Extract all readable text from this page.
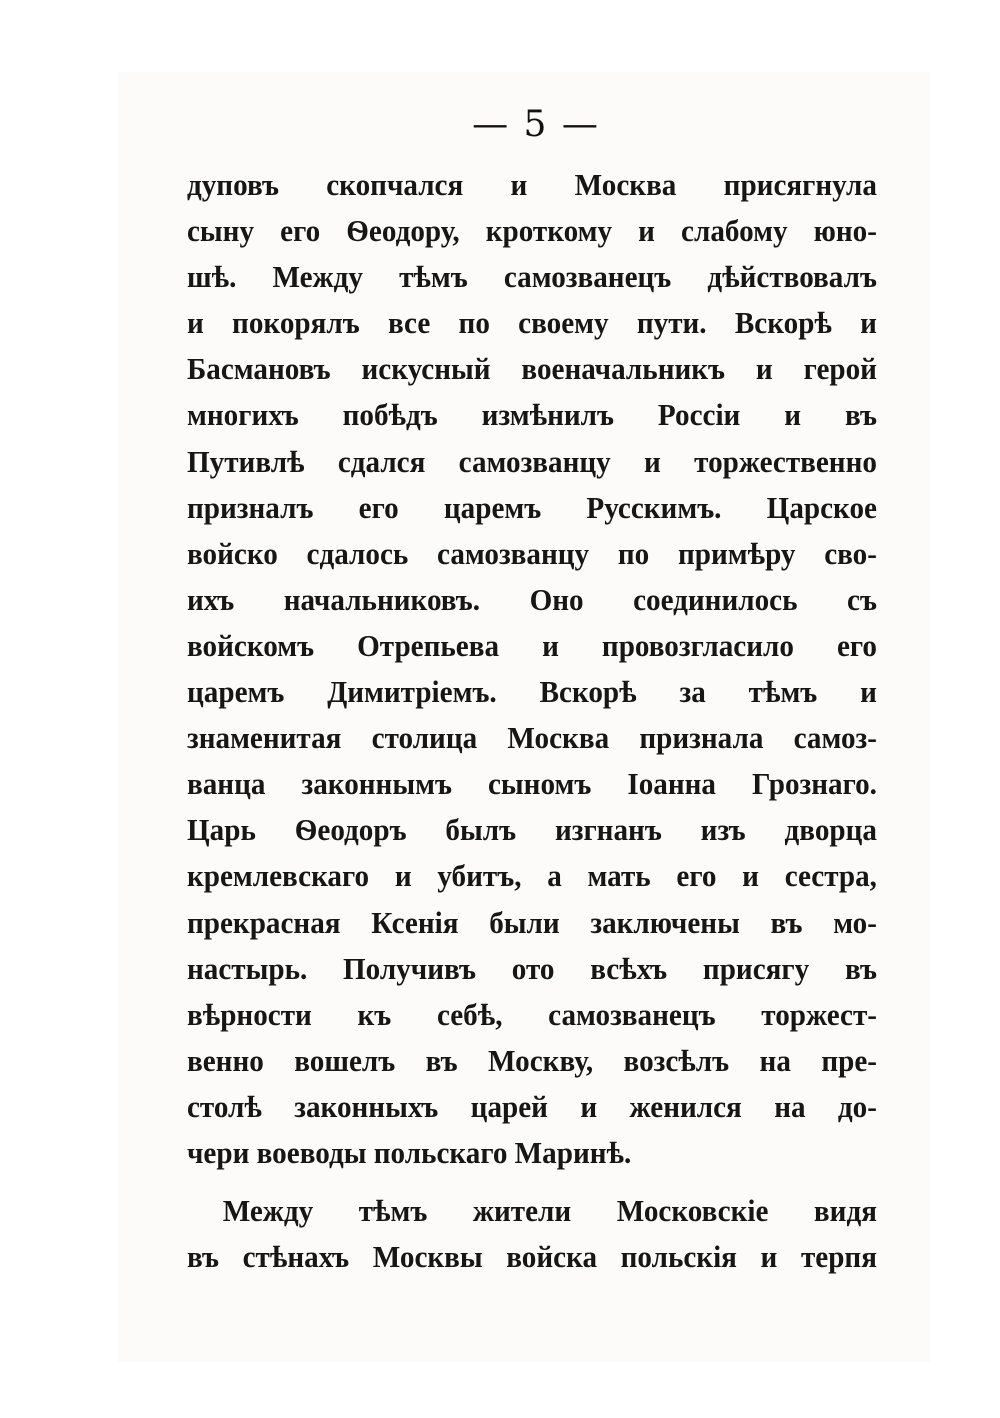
— 5 —
дуповъ скопчался и Москва присягнула
сыну его Ѳеодору, кроткому и слабому юно-
шѣ. Между тѣмъ самозванецъ дѣйствовалъ
и покорялъ все по своему пути. Вскорѣ и
Басмановъ искусный военачальникъ и герой
многихъ побѣдъ измѣнилъ Россіи и въ
Путивлѣ сдался самозванцу и торжественно
призналъ его царемъ Русскимъ. Царское
войско сдалось самозванцу по примѣру сво-
ихъ начальниковъ. Оно соединилось съ
войскомъ Отрепьева и провозгласило его
царемъ Димитріемъ. Вскорѣ за тѣмъ и
знаменитая столица Москва признала самоз-
ванца законнымъ сыномъ Іоанна Грознаго.
Царь Ѳеодоръ былъ изгнанъ изъ дворца
кремлевскаго и убитъ, а мать его и сестра,
прекрасная Ксенія были заключены въ мо-
настырь. Получивъ ото всѣхъ присягу въ
вѣрности къ себѣ, самозванецъ торжест-
венно вошелъ въ Москву, возсѣлъ на пре-
столѣ законныхъ царей и женился на до-
чери воеводы польскаго Маринѣ.
Между тѣмъ жители Московскіе видя
въ стѣнахъ Москвы войска польскія и терпя
